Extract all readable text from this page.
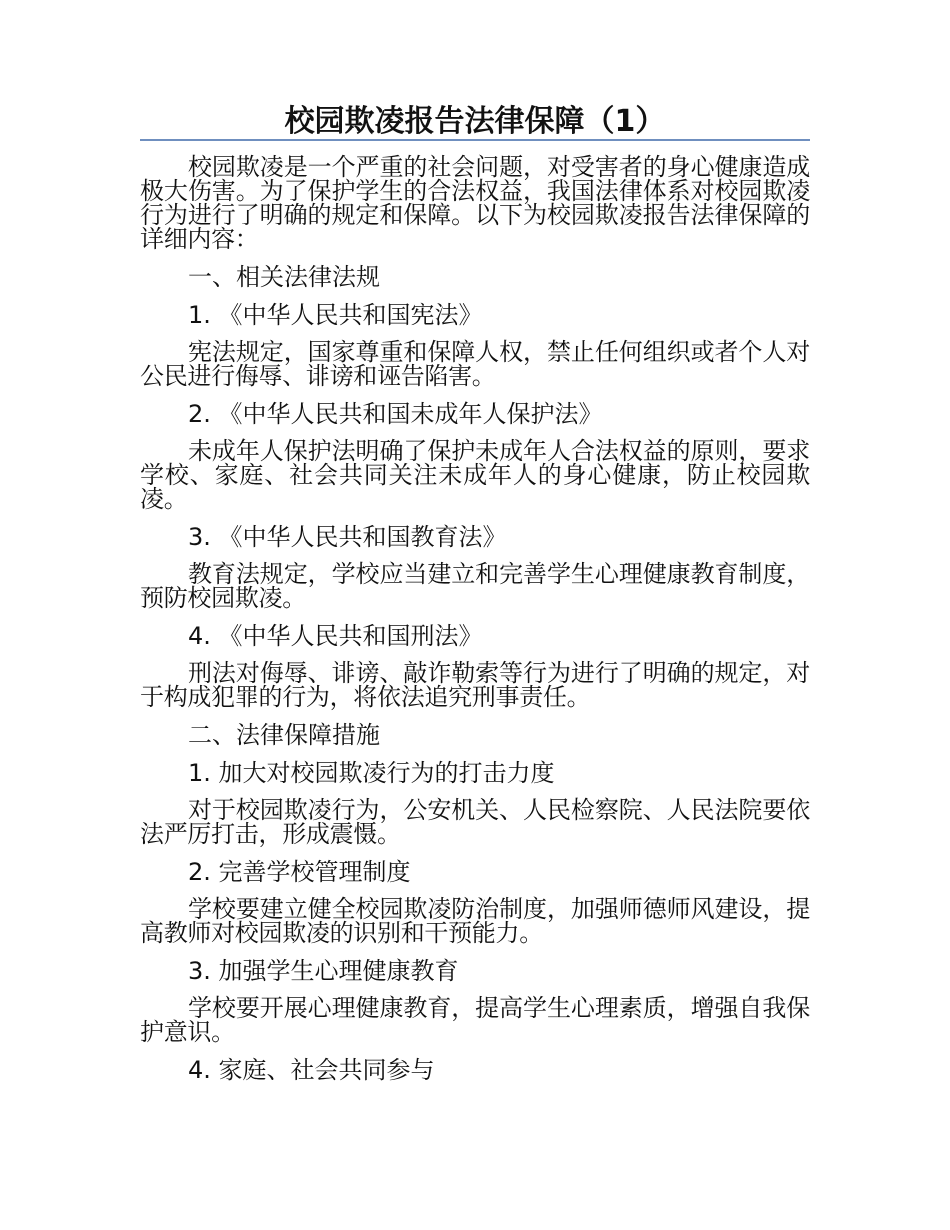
校园欺凌报告法律保障（1）

校园欺凌是一个严重的社会问题，对受害者的身心健康造成极大伤害。为了保护学生的合法权益，我国法律体系对校园欺凌行为进行了明确的规定和保障。以下为校园欺凌报告法律保障的详细内容：

一、相关法律法规

1. 《中华人民共和国宪法》

宪法规定，国家尊重和保障人权，禁止任何组织或者个人对公民进行侮辱、诽谤和诬告陷害。

2. 《中华人民共和国未成年人保护法》

未成年人保护法明确了保护未成年人合法权益的原则，要求学校、家庭、社会共同关注未成年人的身心健康，防止校园欺凌。

3. 《中华人民共和国教育法》

教育法规定，学校应当建立和完善学生心理健康教育制度，预防校园欺凌。

4. 《中华人民共和国刑法》

刑法对侮辱、诽谤、敲诈勒索等行为进行了明确的规定，对于构成犯罪的行为，将依法追究刑事责任。

二、法律保障措施

1. 加大对校园欺凌行为的打击力度

对于校园欺凌行为，公安机关、人民检察院、人民法院要依法严厉打击，形成震慑。

2. 完善学校管理制度

学校要建立健全校园欺凌防治制度，加强师德师风建设，提高教师对校园欺凌的识别和干预能力。

3. 加强学生心理健康教育

学校要开展心理健康教育，提高学生心理素质，增强自我保护意识。

4. 家庭、社会共同参与
